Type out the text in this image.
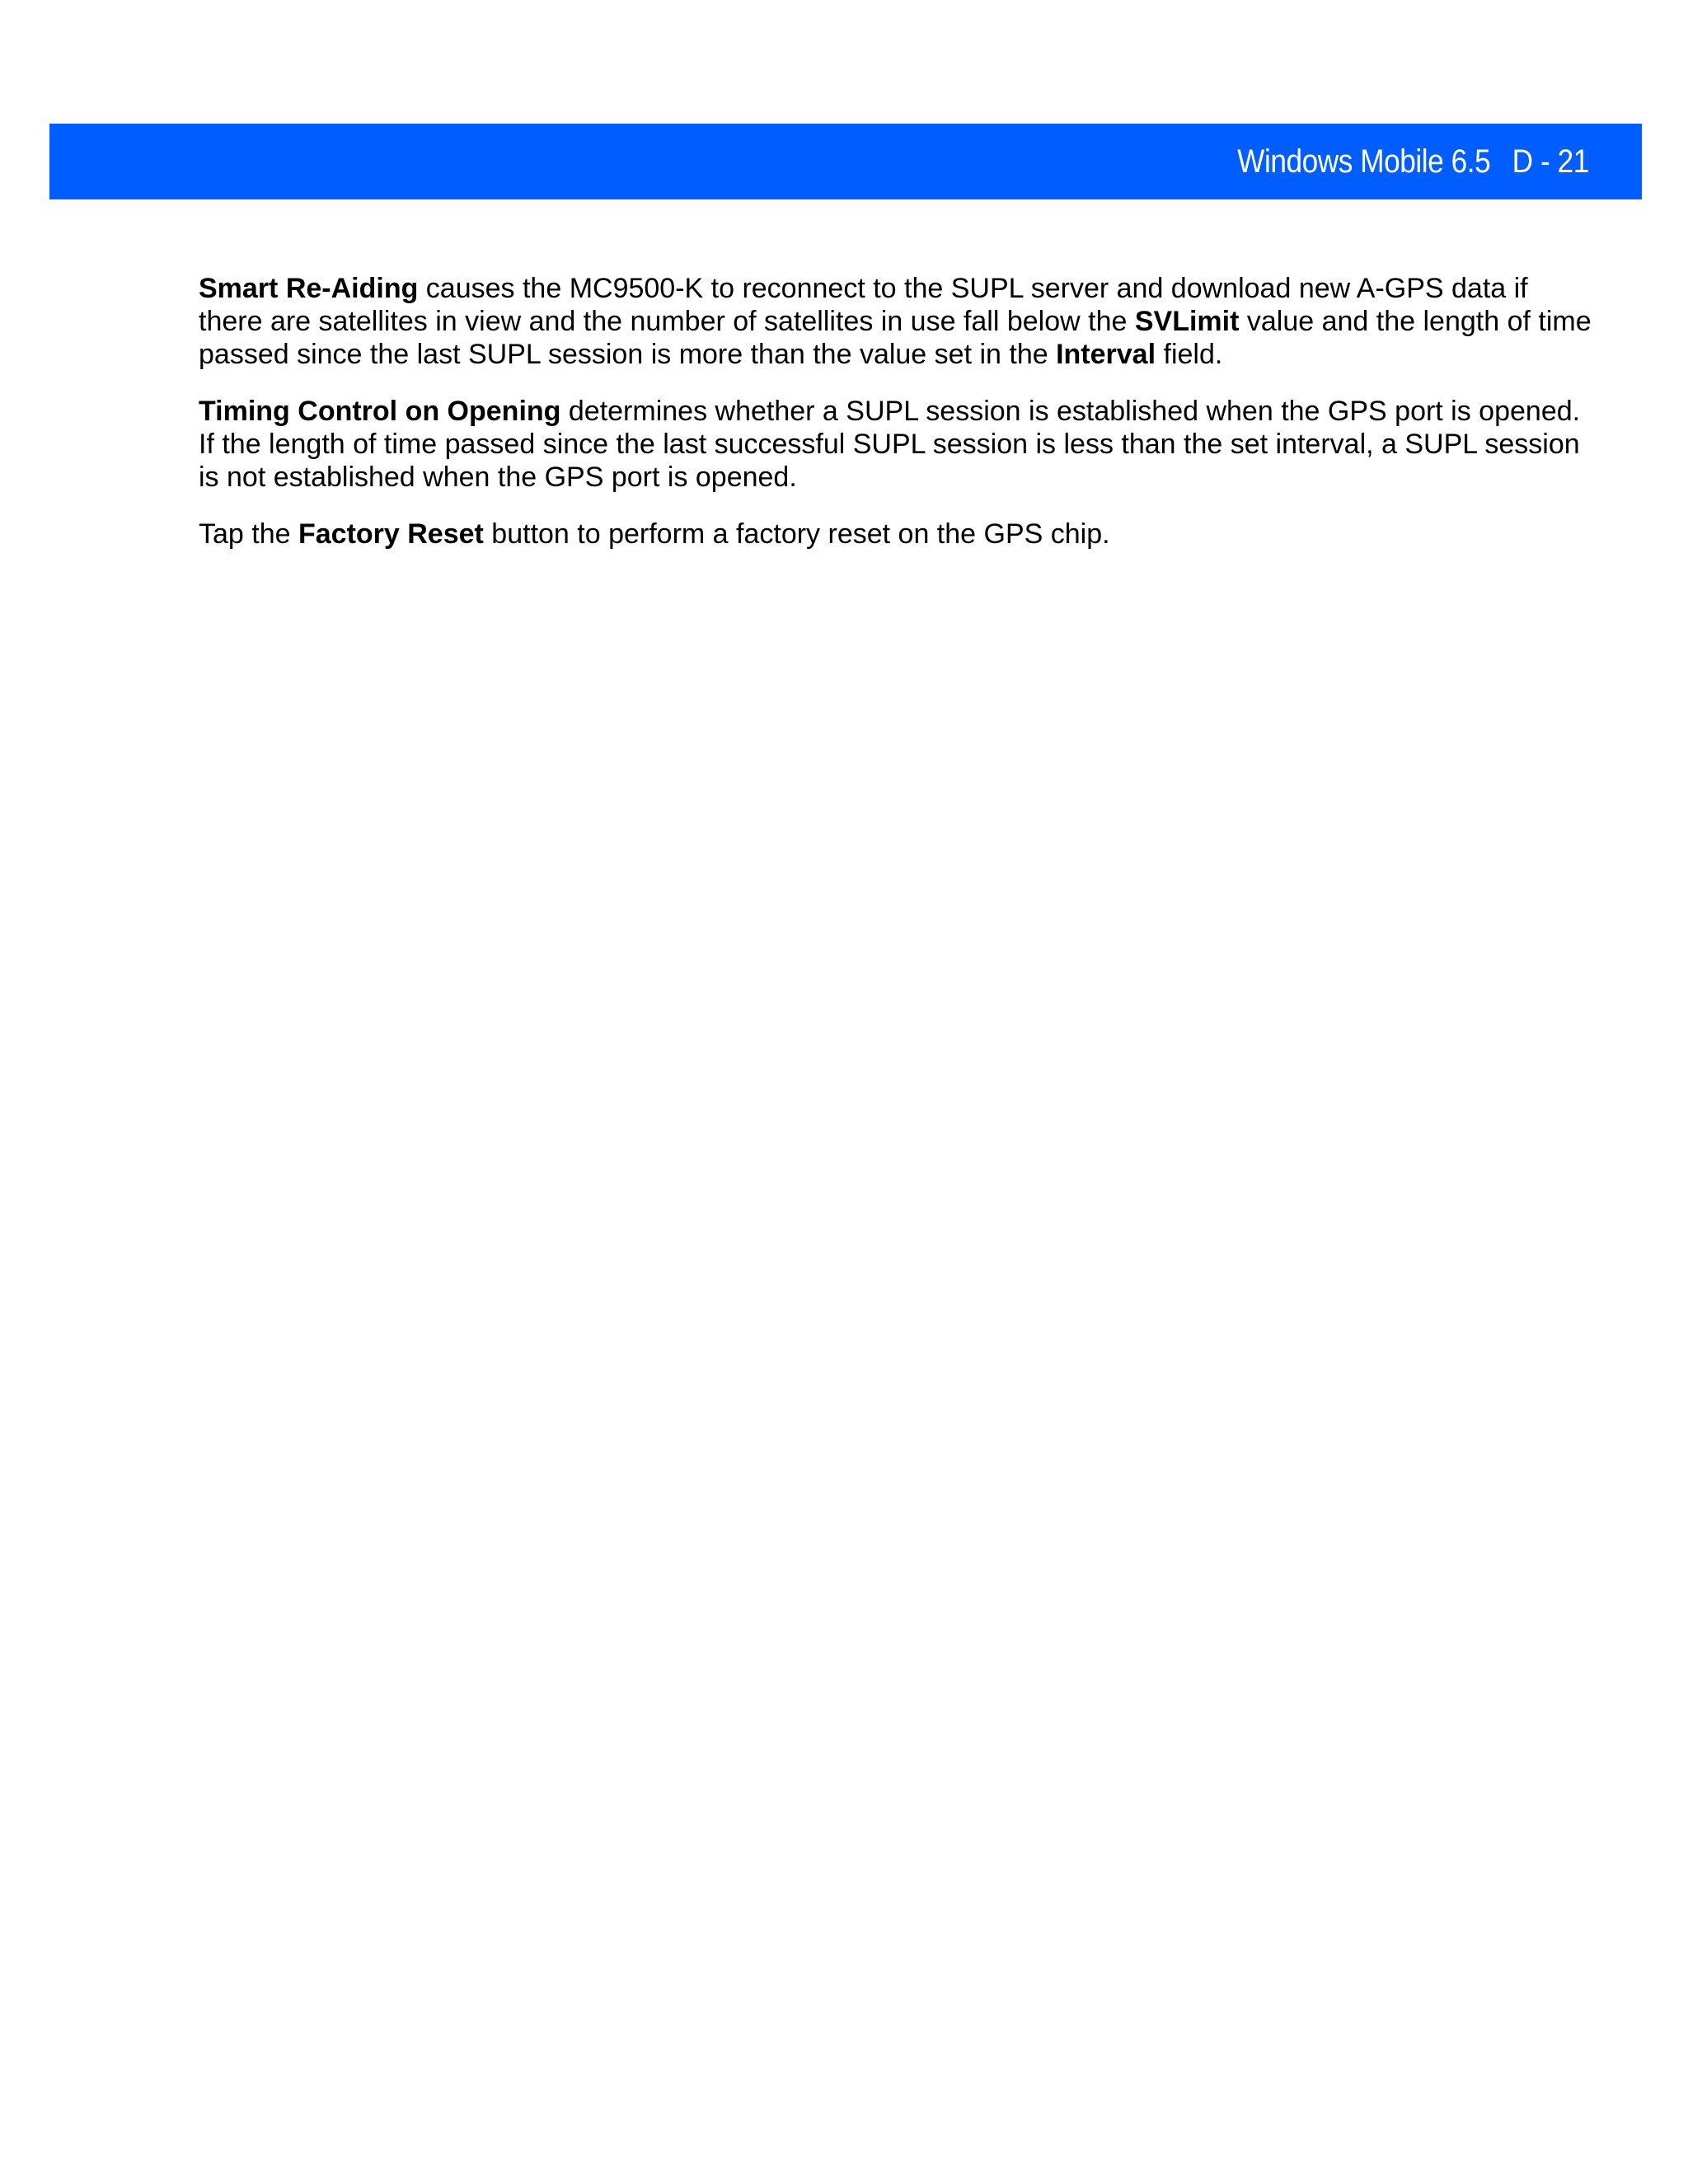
Windows Mobile 6.5 D - 21

Smart Re-Aiding causes the MC9500-K to reconnect to the SUPL server and download new A-GPS data if there are satellites in view and the number of satellites in use fall below the SVLimit value and the length of time passed since the last SUPL session is more than the value set in the Interval field.

Timing Control on Opening determines whether a SUPL session is established when the GPS port is opened. If the length of time passed since the last successful SUPL session is less than the set interval, a SUPL session is not established when the GPS port is opened.

Tap the Factory Reset button to perform a factory reset on the GPS chip.
